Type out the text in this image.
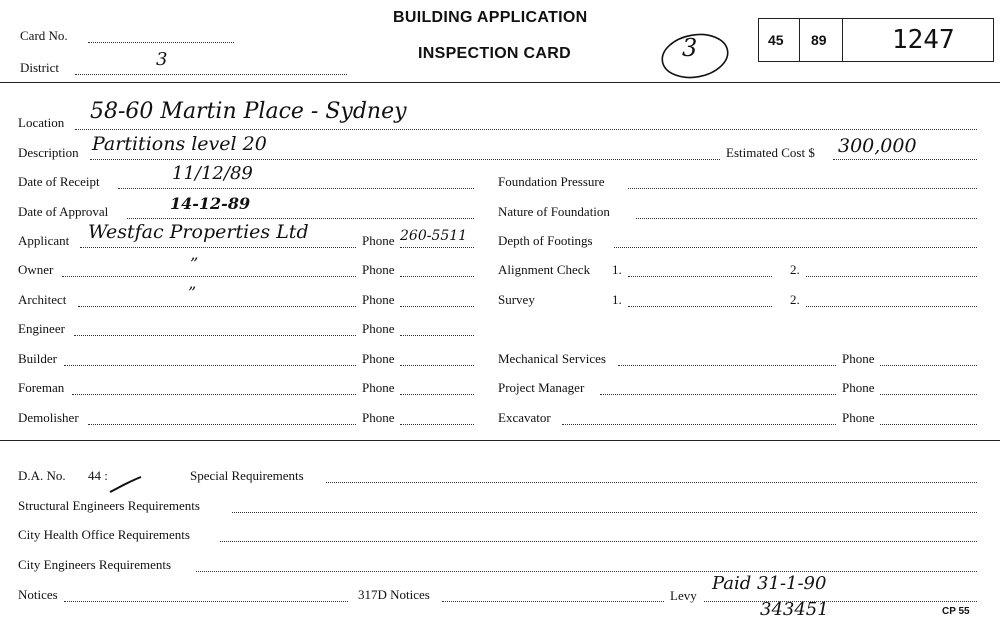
Card No.
District	3
BUILDING APPLICATION
INSPECTION CARD	3	45 89	1247
Location 58-60 Martin Place - Sydney
Description Partitions level 20	Estimated Cost $ 300,000
Date of Receipt	11/12/89	Foundation Pressure
Date of Approval	14-12-89	Nature of Foundation
Applicant Westfac Properties Ltd	Phone 260-5511 Depth of Footings
Owner	”	Phone	Alignment Check 1.	2.
Architect	”	Phone	Survey	1.	2.
Engineer	Phone
Builder	Phone	Mechanical Services	Phone
Foreman	Phone	Project Manager	Phone
Demolisher	Phone	Excavator	Phone
D.A. No. 44 :	Special Requirements
Structural Engineers Requirements
City Health Office Requirements
City Engineers Requirements
Notices	317D Notices	Levy
Paid 31-1-90
343451	CP 55
